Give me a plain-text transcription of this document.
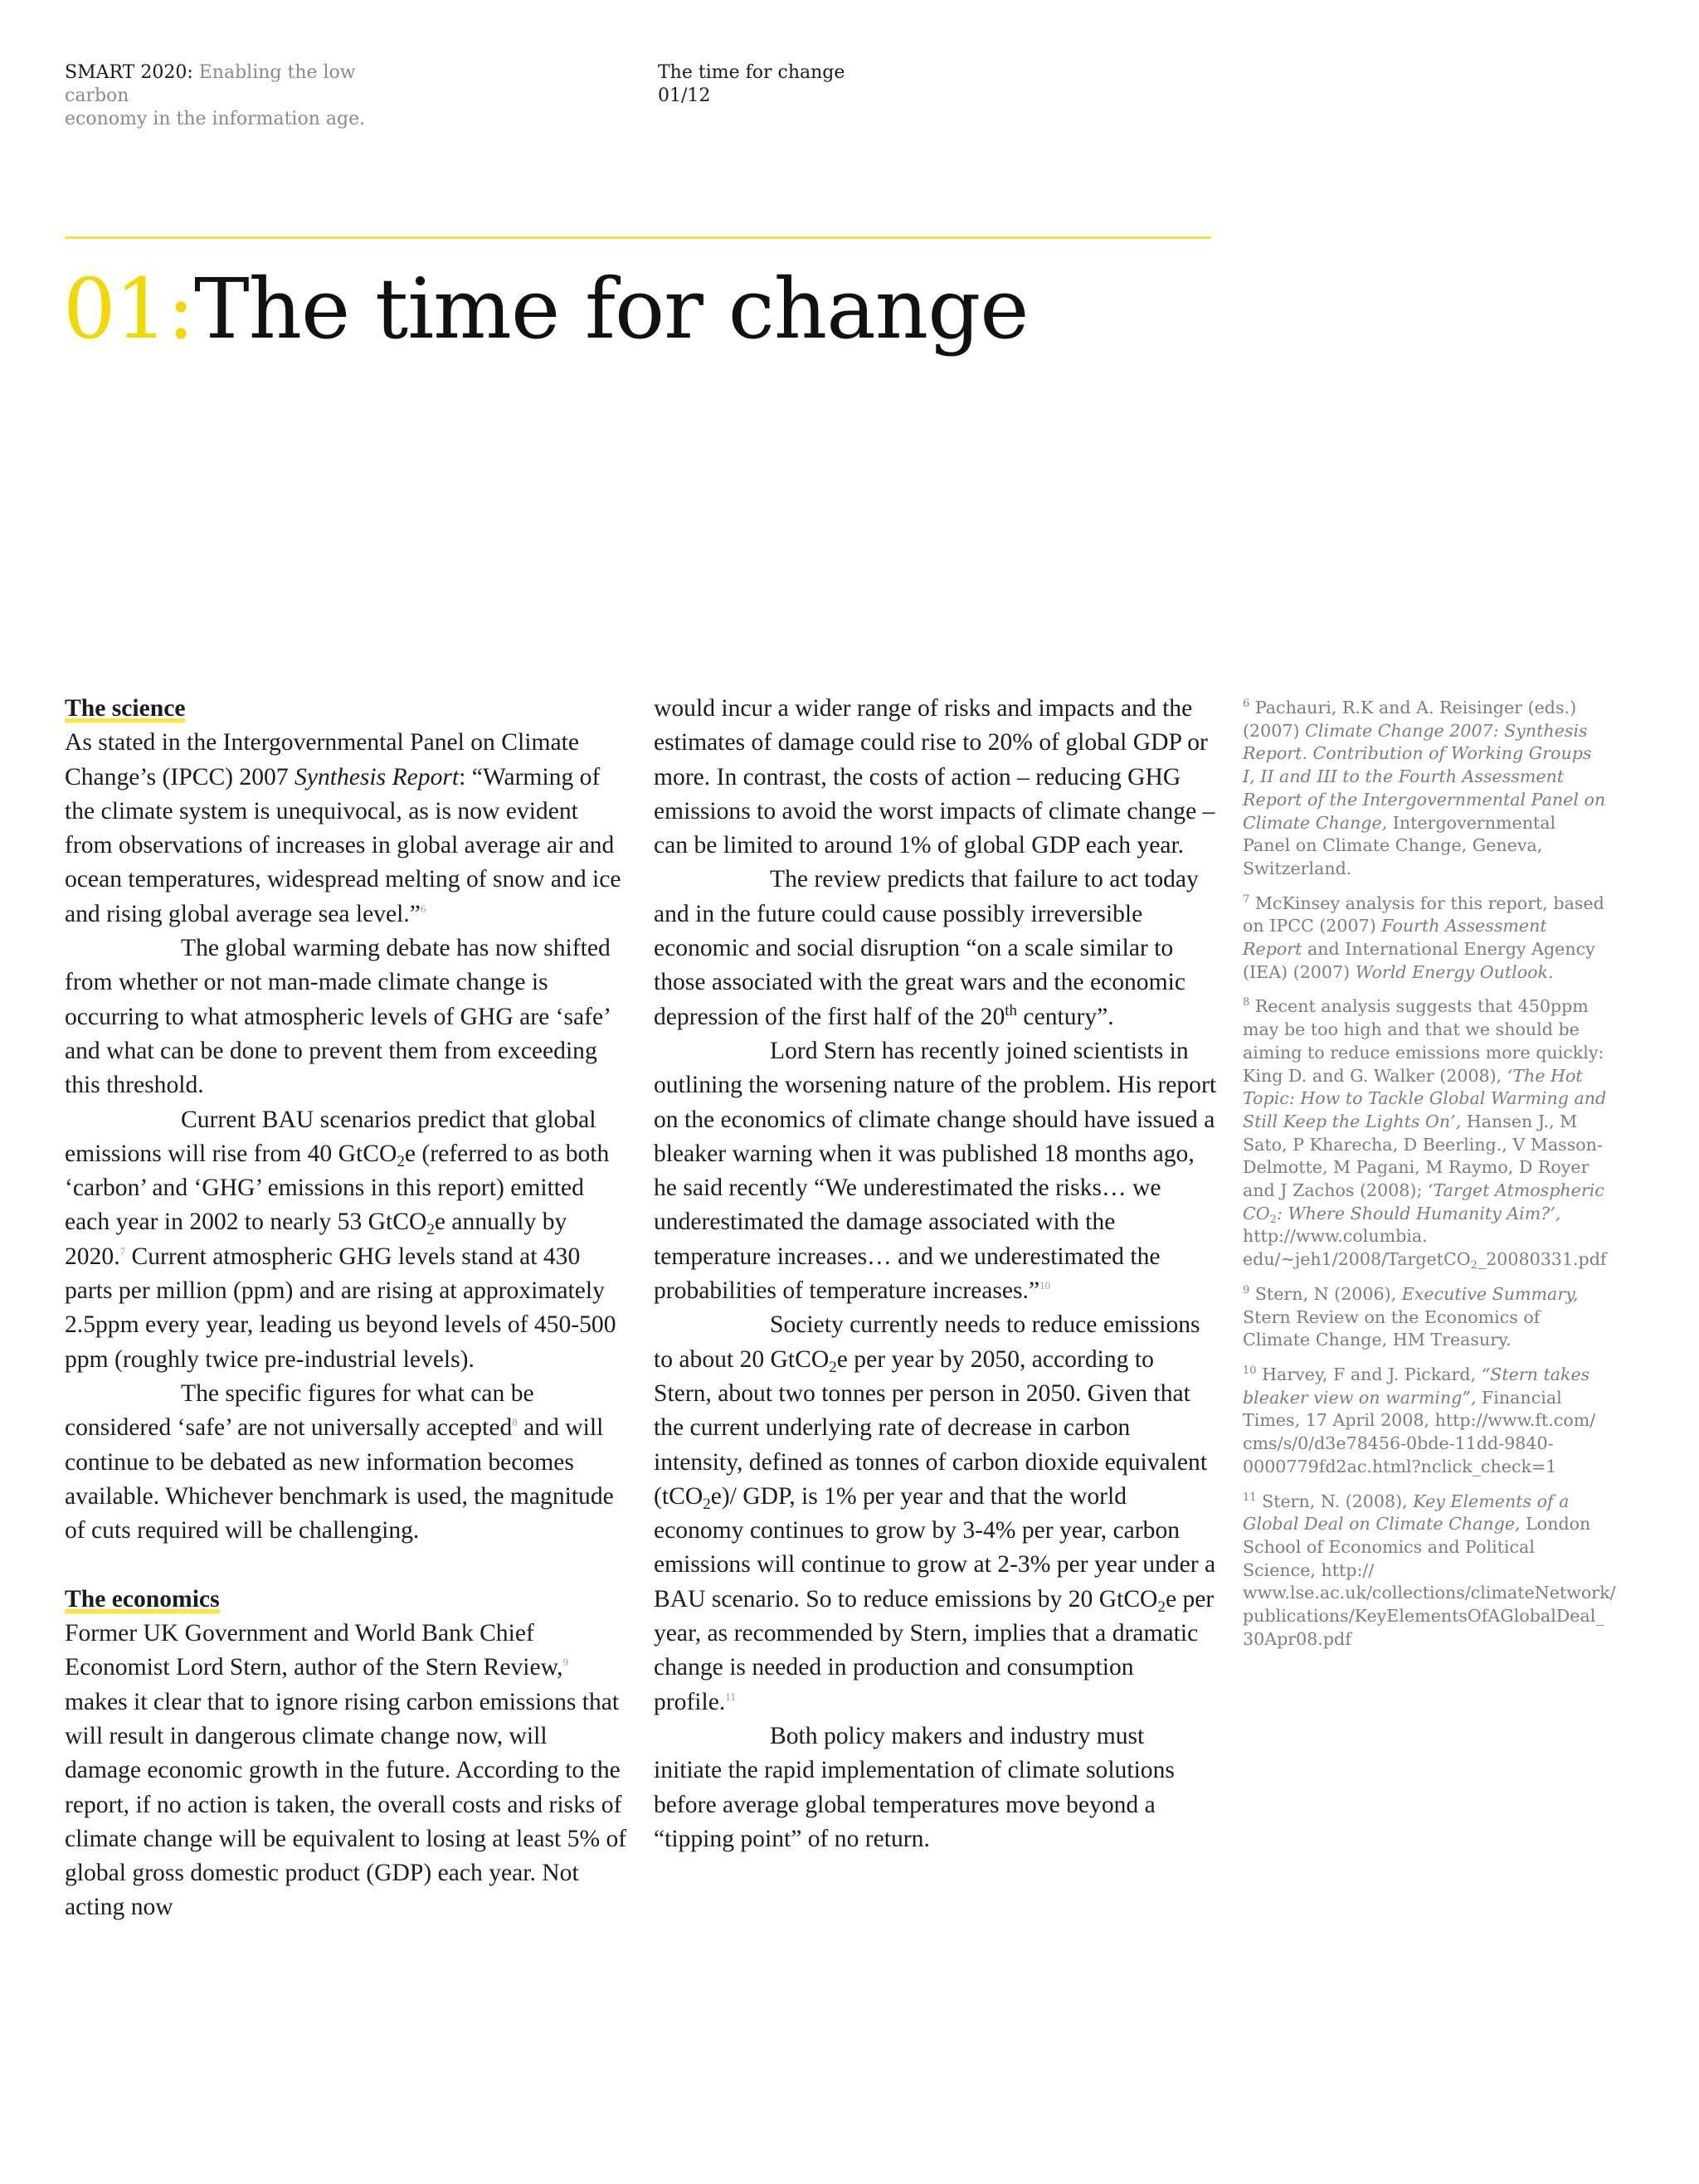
SMART 2020: Enabling the low carbon
economy in the information age.
The time for change
01/12
01:The time for change
The science

As stated in the Intergovernmental Panel on Climate Change’s (IPCC) 2007 Synthesis Report: “Warming of the climate system is unequivocal, as is now evident from observations of increases in global average air and ocean temperatures, widespread melting of snow and ice and rising global average sea level.”$^6$

The global warming debate has now shifted from whether or not man-made climate change is occurring to what atmospheric levels of GHG are ‘safe’ and what can be done to prevent them from exceeding this threshold.

Current BAU scenarios predict that global emissions will rise from 40 GtCO$_2$e (referred to as both ‘carbon’ and ‘GHG’ emissions in this report) emitted each year in 2002 to nearly 53 GtCO$_2$e annually by 2020.$^7$ Current atmospheric GHG levels stand at 430 parts per million (ppm) and are rising at approximately 2.5ppm every year, leading us beyond levels of 450-500 ppm (roughly twice pre-industrial levels).

The specific figures for what can be considered ‘safe’ are not universally accepted$^8$ and will continue to be debated as new information becomes available. Whichever benchmark is used, the magnitude of cuts required will be challenging.

The economics

Former UK Government and World Bank Chief Economist Lord Stern, author of the Stern Review,$^9$ makes it clear that to ignore rising carbon emissions that will result in dangerous climate change now, will damage economic growth in the future. According to the report, if no action is taken, the overall costs and risks of climate change will be equivalent to losing at least 5% of global gross domestic product (GDP) each year. Not acting now

would incur a wider range of risks and impacts and the estimates of damage could rise to 20% of global GDP or more. In contrast, the costs of action – reducing GHG emissions to avoid the worst impacts of climate change – can be limited to around 1% of global GDP each year.

The review predicts that failure to act today and in the future could cause possibly irreversible economic and social disruption “on a scale similar to those associated with the great wars and the economic depression of the first half of the 20th century”.

Lord Stern has recently joined scientists in outlining the worsening nature of the problem. His report on the economics of climate change should have issued a bleaker warning when it was published 18 months ago, he said recently “We underestimated the risks… we underestimated the damage associated with the temperature increases… and we underestimated the probabilities of temperature increases.”$^{10}$

Society currently needs to reduce emissions to about 20 GtCO$_2$e per year by 2050, according to Stern, about two tonnes per person in 2050. Given that the current underlying rate of decrease in carbon intensity, defined as tonnes of carbon dioxide equivalent (tCO$_2$e)/ GDP, is 1% per year and that the world economy continues to grow by 3-4% per year, carbon emissions will continue to grow at 2-3% per year under a BAU scenario. So to reduce emissions by 20 GtCO$_2$e per year, as recommended by Stern, implies that a dramatic change is needed in production and consumption profile.$^{11}$

Both policy makers and industry must initiate the rapid implementation of climate solutions before average global temperatures move beyond a “tipping point” of no return.

$^6$ Pachauri, R.K and A. Reisinger (eds.) (2007) Climate Change 2007: Synthesis Report. Contribution of Working Groups I, II and III to the Fourth Assessment Report of the Intergovernmental Panel on Climate Change, Intergovernmental Panel on Climate Change, Geneva, Switzerland.

$^7$ McKinsey analysis for this report, based on IPCC (2007) Fourth Assessment Report and International Energy Agency (IEA) (2007) World Energy Outlook.

$^8$ Recent analysis suggests that 450ppm may be too high and that we should be aiming to reduce emissions more quickly: King D. and G. Walker (2008), ‘The Hot Topic: How to Tackle Global Warming and Still Keep the Lights On’, Hansen J., M Sato, P Kharecha, D Beerling., V Masson-Delmotte, M Pagani, M Raymo, D Royer and J Zachos (2008); ‘Target Atmospheric $CO_2$: Where Should Humanity Aim?’, http://www.columbia. edu/~jeh1/2008/TargetCO$_2$_20080331.pdf

$^9$ Stern, N (2006), Executive Summary, Stern Review on the Economics of Climate Change, HM Treasury.

$^{10}$ Harvey, F and J. Pickard, “Stern takes bleaker view on warming”, Financial Times, 17 April 2008, http://www.ft.com/ cms/s/0/d3e78456-0bde-11dd-9840-0000779fd2ac.html?nclick_check=1

$^{11}$ Stern, N. (2008), Key Elements of a Global Deal on Climate Change, London School of Economics and Political Science, http:// www.lse.ac.uk/collections/climateNetwork/ publications/KeyElementsOfAGlobalDeal_ 30Apr08.pdf
